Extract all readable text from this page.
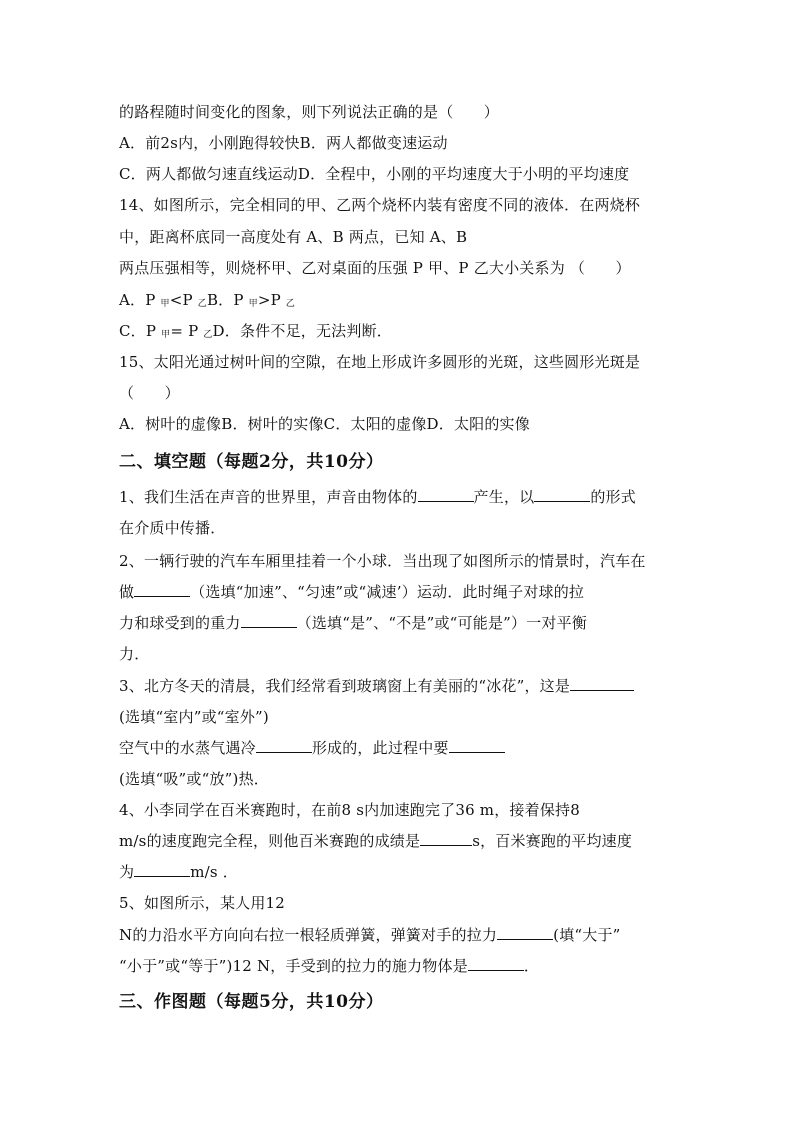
的路程随时间变化的图象，则下列说法正确的是（　　）
A．前2s内，小刚跑得较快B．两人都做变速运动
C．两人都做匀速直线运动D．全程中，小刚的平均速度大于小明的平均速度
14、如图所示，完全相同的甲、乙两个烧杯内装有密度不同的液体．在两烧杯
中，距离杯底同一高度处有 A、B 两点，已知 A、B
两点压强相等，则烧杯甲、乙对桌面的压强 P 甲、P 乙大小关系为 （　　）
A．P 甲<P 乙B．P 甲>P 乙
C．P 甲= P 乙D．条件不足，无法判断．
15、太阳光通过树叶间的空隙，在地上形成许多圆形的光斑，这些圆形光斑是
（　　）
A．树叶的虚像B．树叶的实像C．太阳的虚像D．太阳的实像
二、填空题（每题2分，共10分）
1、我们生活在声音的世界里，声音由物体的	产生，以	的形式
在介质中传播．
2、一辆行驶的汽车车厢里挂着一个小球．当出现了如图所示的情景时，汽车在
做	（选填“加速”、“匀速”或“减速’）运动．此时绳子对球的拉
力和球受到的重力	（选填“是”、“不是”或“可能是”）一对平衡
力．
3、北方冬天的清晨，我们经常看到玻璃窗上有美丽的“冰花”，这是
(选填“室内”或“室外”)
空气中的水蒸气遇冷	形成的，此过程中要
(选填“吸”或“放”)热．
4、小李同学在百米赛跑时，在前8 s内加速跑完了36 m，接着保持8
m/s的速度跑完全程，则他百米赛跑的成绩是	s，百米赛跑的平均速度
为	m/s ．
5、如图所示，某人用12
N的力沿水平方向向右拉一根轻质弹簧，弹簧对手的拉力	(填“大于”
“小于”或“等于”)12 N，手受到的拉力的施力物体是	．
三、作图题（每题5分，共10分）
